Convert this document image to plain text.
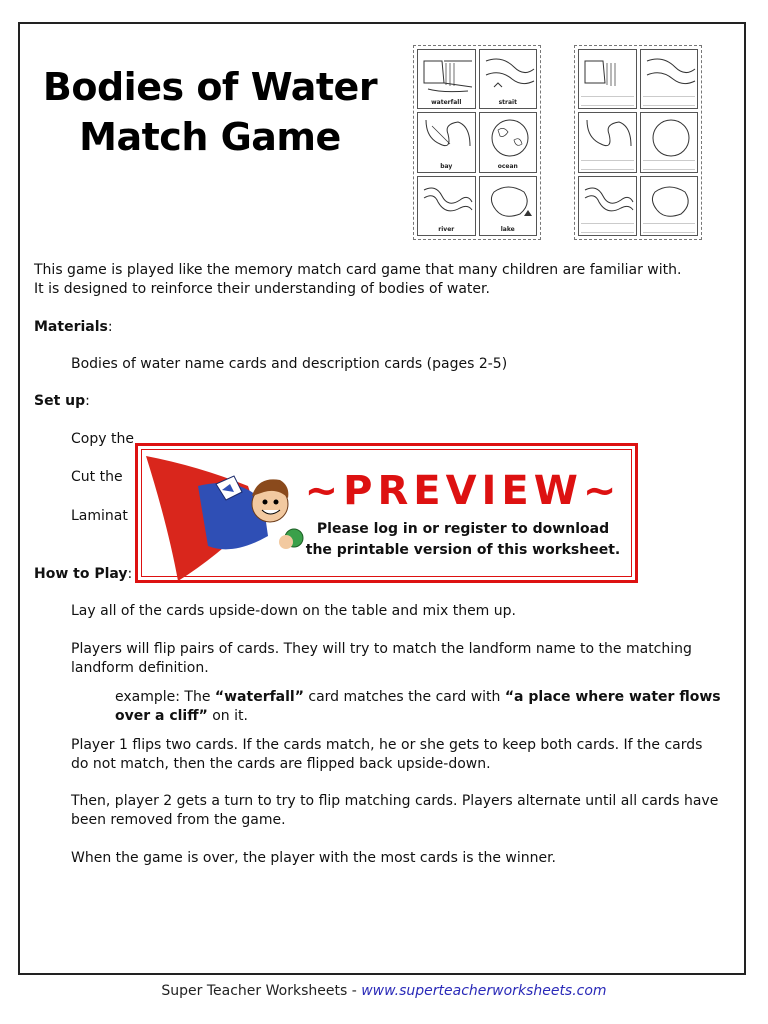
Bodies of Water
Match Game
waterfall	strait
bay	ocean
river	lake

This game is played like the memory match card game that many children are familiar with.

It is designed to reinforce their understanding of bodies of water.

Materials:

Bodies of water name cards and description cards (pages 2-5)

Set up:

Copy the

Cut the

Laminat

~PREVIEW~
Please log in or register to download
the printable version of this worksheet.

How to Play:

Lay all of the cards upside-down on the table and mix them up.

Players will flip pairs of cards. They will try to match the landform name to the matching

landform definition.

example: The “waterfall” card matches the card with “a place where water flows

over a cliff” on it.

Player 1 flips two cards. If the cards match, he or she gets to keep both cards. If the cards

do not match, then the cards are flipped back upside-down.

Then, player 2 gets a turn to try to flip matching cards. Players alternate until all cards have

been removed from the game.

When the game is over, the player with the most cards is the winner.

Super Teacher Worksheets - www.superteacherworksheets.com
